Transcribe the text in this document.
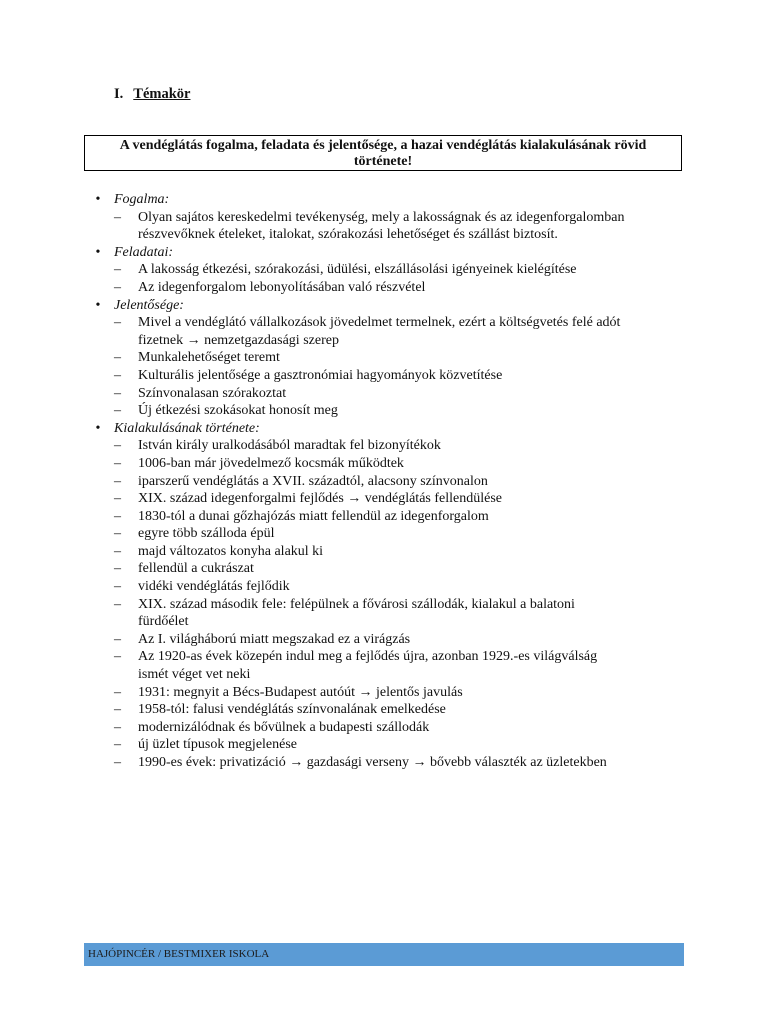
I. Témakör
A vendéglátás fogalma, feladata és jelentősége, a hazai vendéglátás kialakulásának rövid
története!
• Fogalma:
– Olyan sajátos kereskedelmi tevékenység, mely a lakosságnak és az idegenforgalomban
részvevőknek ételeket, italokat, szórakozási lehetőséget és szállást biztosít.
• Feladatai:
– A lakosság étkezési, szórakozási, üdülési, elszállásolási igényeinek kielégítése
– Az idegenforgalom lebonyolításában való részvétel
• Jelentősége:
– Mivel a vendéglátó vállalkozások jövedelmet termelnek, ezért a költségvetés felé adót
fizetnek → nemzetgazdasági szerep
– Munkalehetőséget teremt
– Kulturális jelentősége a gasztronómiai hagyományok közvetítése
– Színvonalasan szórakoztat
– Új étkezési szokásokat honosít meg
• Kialakulásának története:
– István király uralkodásából maradtak fel bizonyítékok
– 1006-ban már jövedelmező kocsmák működtek
– iparszerű vendéglátás a XVII. századtól, alacsony színvonalon
– XIX. század idegenforgalmi fejlődés → vendéglátás fellendülése
– 1830-tól a dunai gőzhajózás miatt fellendül az idegenforgalom
– egyre több szálloda épül
– majd változatos konyha alakul ki
– fellendül a cukrászat
– vidéki vendéglátás fejlődik
– XIX. század második fele: felépülnek a fővárosi szállodák, kialakul a balatoni
fürdőélet
– Az I. világháború miatt megszakad ez a virágzás
– Az 1920-as évek közepén indul meg a fejlődés újra, azonban 1929.-es világválság
ismét véget vet neki
– 1931: megnyit a Bécs-Budapest autóút → jelentős javulás
– 1958-tól: falusi vendéglátás színvonalának emelkedése
– modernizálódnak és bővülnek a budapesti szállodák
– új üzlet típusok megjelenése
– 1990-es évek: privatizáció → gazdasági verseny → bővebb választék az üzletekben
HAJÓPINCÉR / BESTMIXER ISKOLA
